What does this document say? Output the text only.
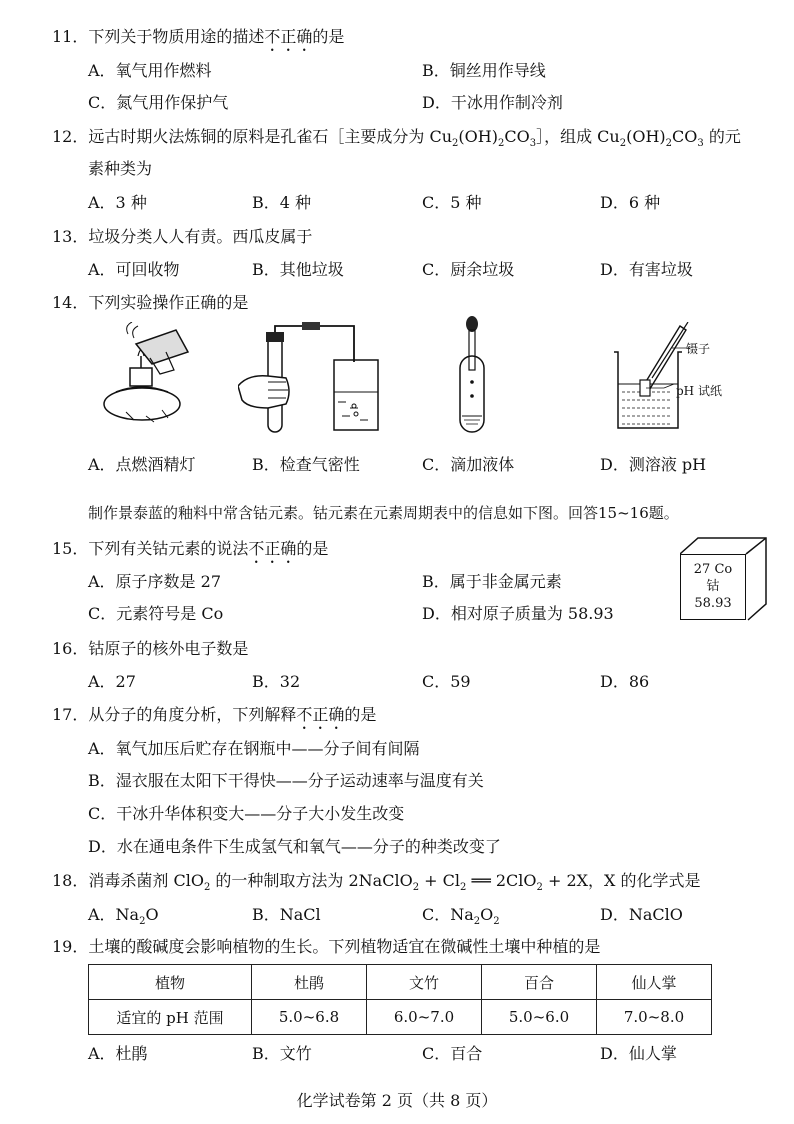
11．下列关于物质用途的描述不正确的是
A．氧气用作燃料	B．铜丝用作导线
C．氮气用作保护气	D．干冰用作制冷剂
12．远古时期火法炼铜的原料是孔雀石［主要成分为 $Cu_2(OH)_2CO_3]$，组成 $Cu_2(OH)_2CO_3$ 的元
素种类为
A．3 种	B．4 种	C．5 种	D．6 种
13．垃圾分类人人有责。西瓜皮属于
A．可回收物	B．其他垃圾	C．厨余垃圾	D．有害垃圾
14．下列实验操作正确的是
镊子
pH 试纸
A．点燃酒精灯	B．检查气密性	C．滴加液体	D．测溶液 pH
制作景泰蓝的釉料中常含钴元素。钴元素在元素周期表中的信息如下图。回答15~16题。
15．下列有关钴元素的说法不正确的是
A．原子序数是 27	B．属于非金属元素
C．元素符号是 Co	D．相对原子质量为 58.93
27 Co
钴
58.93
16．钴原子的核外电子数是
A．27	B．32	C．59	D．86
17．从分子的角度分析，下列解释不正确的是
A．氧气加压后贮存在钢瓶中——分子间有间隔
B．湿衣服在太阳下干得快——分子运动速率与温度有关
C．干冰升华体积变大——分子大小发生改变
D．水在通电条件下生成氢气和氧气——分子的种类改变了
18．消毒杀菌剂 ClO$_2$ 的一种制取方法为 2NaClO$_2$ + $Cl_2$ ══ 2ClO$_2$ + 2X，X 的化学式是
A．$Na_2O$	B．NaCl	C．$Na_2O_2$	D．NaClO
19．土壤的酸碱度会影响植物的生长。下列植物适宜在微碱性土壤中种植的是
植物	杜鹃	文竹	百合	仙人掌
适宜的 pH 范围	5.0~6.8	6.0~7.0	5.0~6.0	7.0~8.0
A．杜鹃	B．文竹	C．百合	D．仙人掌
化学试卷第 2 页（共 8 页）
